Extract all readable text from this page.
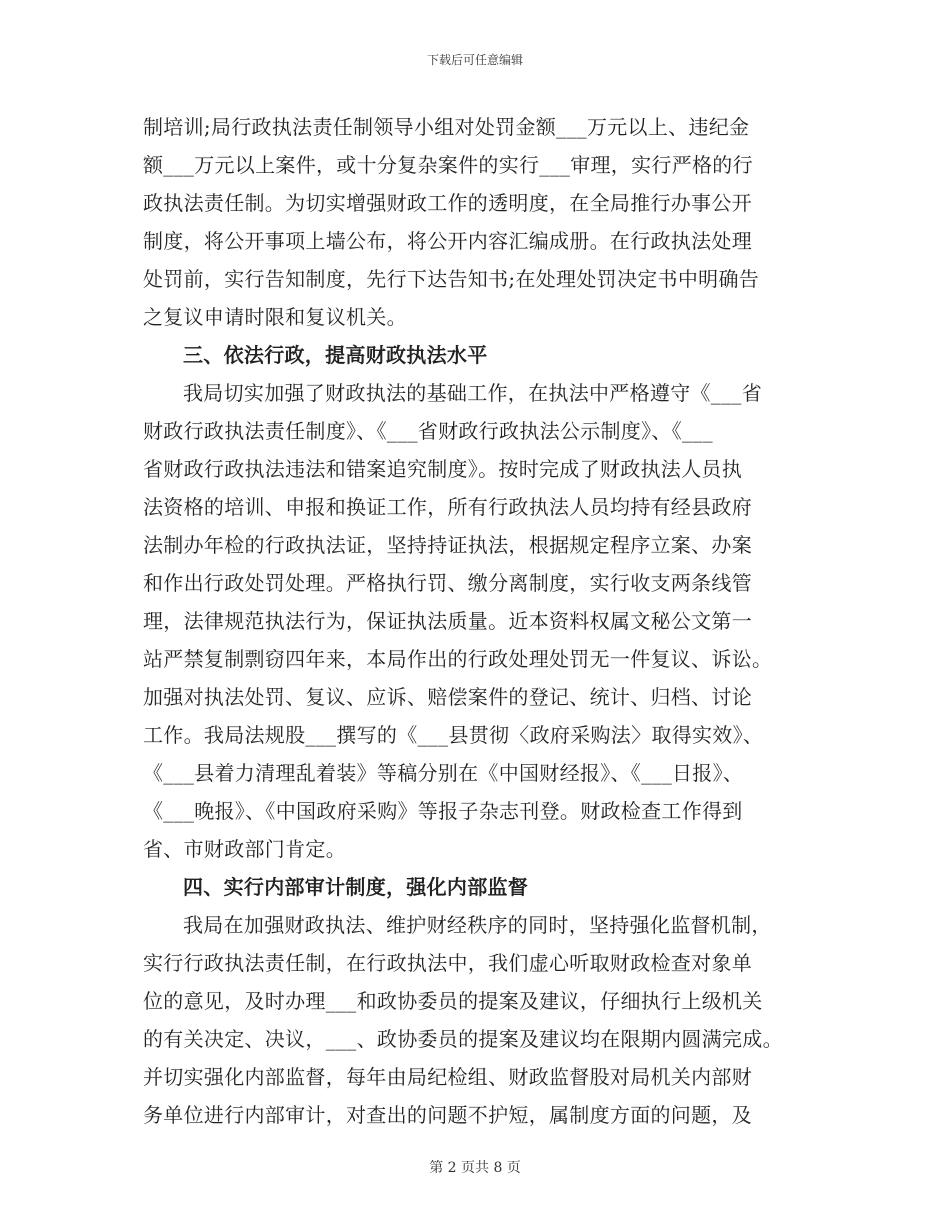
下载后可任意编辑
制培训;局行政执法责任制领导小组对处罚金额___万元以上、违纪金
额___万元以上案件，或十分复杂案件的实行___审理，实行严格的行
政执法责任制。为切实增强财政工作的透明度，在全局推行办事公开
制度，将公开事项上墙公布，将公开内容汇编成册。在行政执法处理
处罚前，实行告知制度，先行下达告知书;在处理处罚决定书中明确告
之复议申请时限和复议机关。
三、依法行政，提高财政执法水平
我局切实加强了财政执法的基础工作，在执法中严格遵守《___省
财政行政执法责任制度》、《___省财政行政执法公示制度》、《___
省财政行政执法违法和错案追究制度》。按时完成了财政执法人员执
法资格的培训、申报和换证工作，所有行政执法人员均持有经县政府
法制办年检的行政执法证，坚持持证执法，根据规定程序立案、办案
和作出行政处罚处理。严格执行罚、缴分离制度，实行收支两条线管
理，法律规范执法行为，保证执法质量。近本资料权属文秘公文第一
站严禁复制剽窃四年来，本局作出的行政处理处罚无一件复议、诉讼。
加强对执法处罚、复议、应诉、赔偿案件的登记、统计、归档、讨论
工作。我局法规股___撰写的《___县贯彻〈政府采购法〉取得实效》、
《___县着力清理乱着装》等稿分别在《中国财经报》、《___日报》、
《___晚报》、《中国政府采购》等报子杂志刊登。财政检查工作得到
省、市财政部门肯定。
四、实行内部审计制度，强化内部监督
我局在加强财政执法、维护财经秩序的同时，坚持强化监督机制，
实行行政执法责任制，在行政执法中，我们虚心听取财政检查对象单
位的意见，及时办理___和政协委员的提案及建议，仔细执行上级机关
的有关决定、决议，___、政协委员的提案及建议均在限期内圆满完成。
并切实强化内部监督，每年由局纪检组、财政监督股对局机关内部财
务单位进行内部审计，对查出的问题不护短，属制度方面的问题，及
第 2 页共 8 页
